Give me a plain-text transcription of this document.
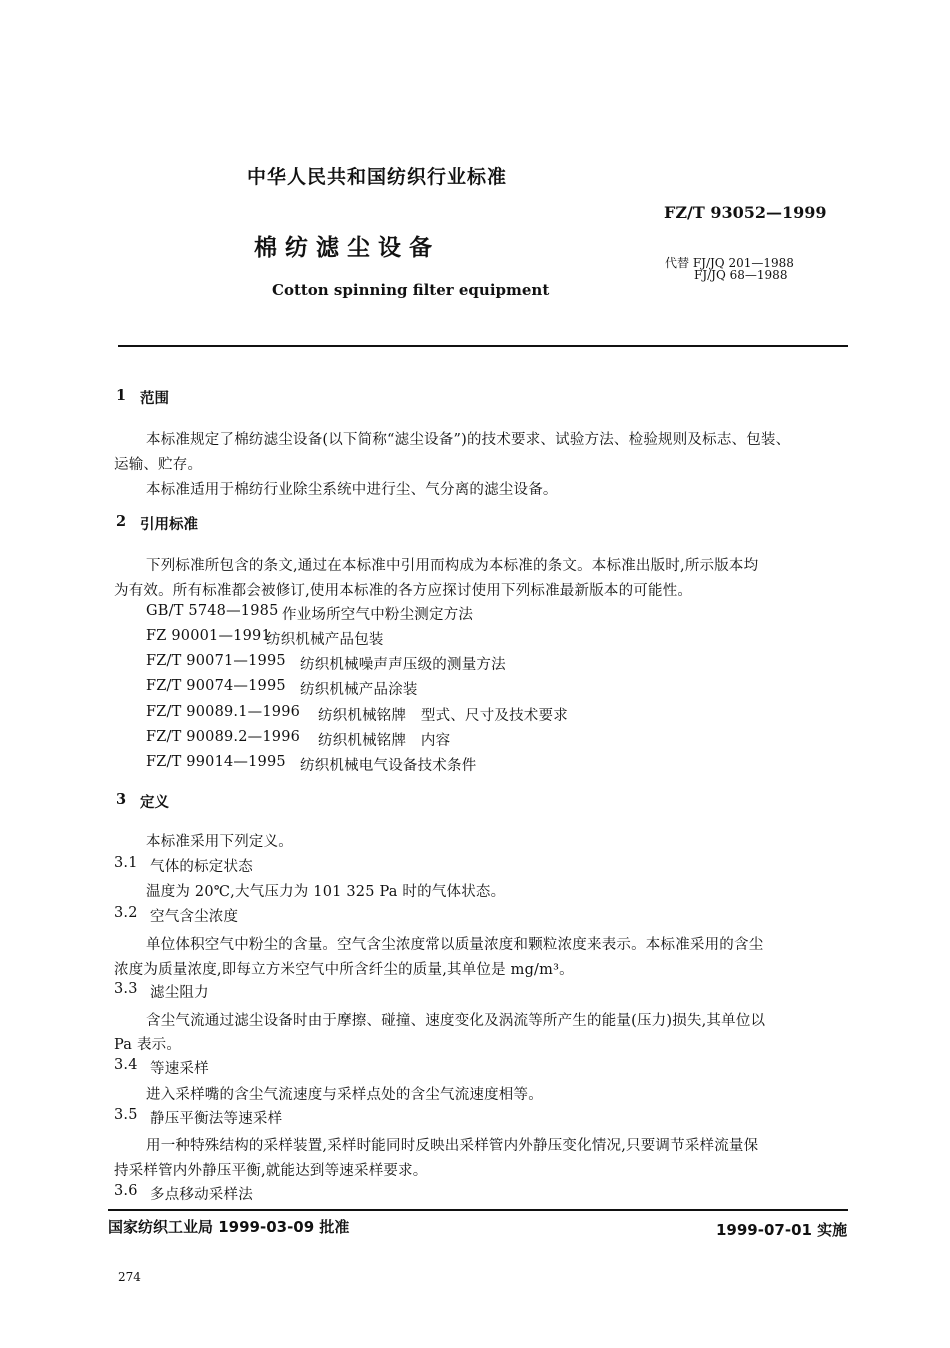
中华人民共和国纺织行业标准
FZ/T 93052—1999
棉 纺 滤 尘 设 备
代替 FJ/JQ 201—1988
FJ/JQ 68—1988
Cotton spinning filter equipment
1 范围
本标准规定了棉纺滤尘设备(以下简称“滤尘设备”)的技术要求、试验方法、检验规则及标志、包装、
运输、贮存。
本标准适用于棉纺行业除尘系统中进行尘、气分离的滤尘设备。
2 引用标准
下列标准所包含的条文,通过在本标准中引用而构成为本标准的条文。本标准出版时,所示版本均
为有效。所有标准都会被修订,使用本标准的各方应探讨使用下列标准最新版本的可能性。
GB/T 5748—1985 作业场所空气中粉尘测定方法
FZ 90001—1991
纺织机械产品包装
FZ/T 90071—1995 纺织机械噪声声压级的测量方法
FZ/T 90074—1995 纺织机械产品涂装
FZ/T 90089.1—1996 纺织机械铭牌　型式、尺寸及技术要求
FZ/T 90089.2—1996 纺织机械铭牌　内容
FZ/T 99014—1995 纺织机械电气设备技术条件
3 定义
本标准采用下列定义。
3.1 气体的标定状态
温度为 20℃,大气压力为 101 325 Pa 时的气体状态。
3.2 空气含尘浓度
单位体积空气中粉尘的含量。空气含尘浓度常以质量浓度和颗粒浓度来表示。本标准采用的含尘
浓度为质量浓度,即每立方米空气中所含纤尘的质量,其单位是 mg/m³。
3.3 滤尘阻力
含尘气流通过滤尘设备时由于摩擦、碰撞、速度变化及涡流等所产生的能量(压力)损失,其单位以
Pa 表示。
3.4 等速采样
进入采样嘴的含尘气流速度与采样点处的含尘气流速度相等。
3.5 静压平衡法等速采样
用一种特殊结构的采样装置,采样时能同时反映出采样管内外静压变化情况,只要调节采样流量保
持采样管内外静压平衡,就能达到等速采样要求。
3.6 多点移动采样法
国家纺织工业局 1999-03-09 批准	1999-07-01 实施
274
